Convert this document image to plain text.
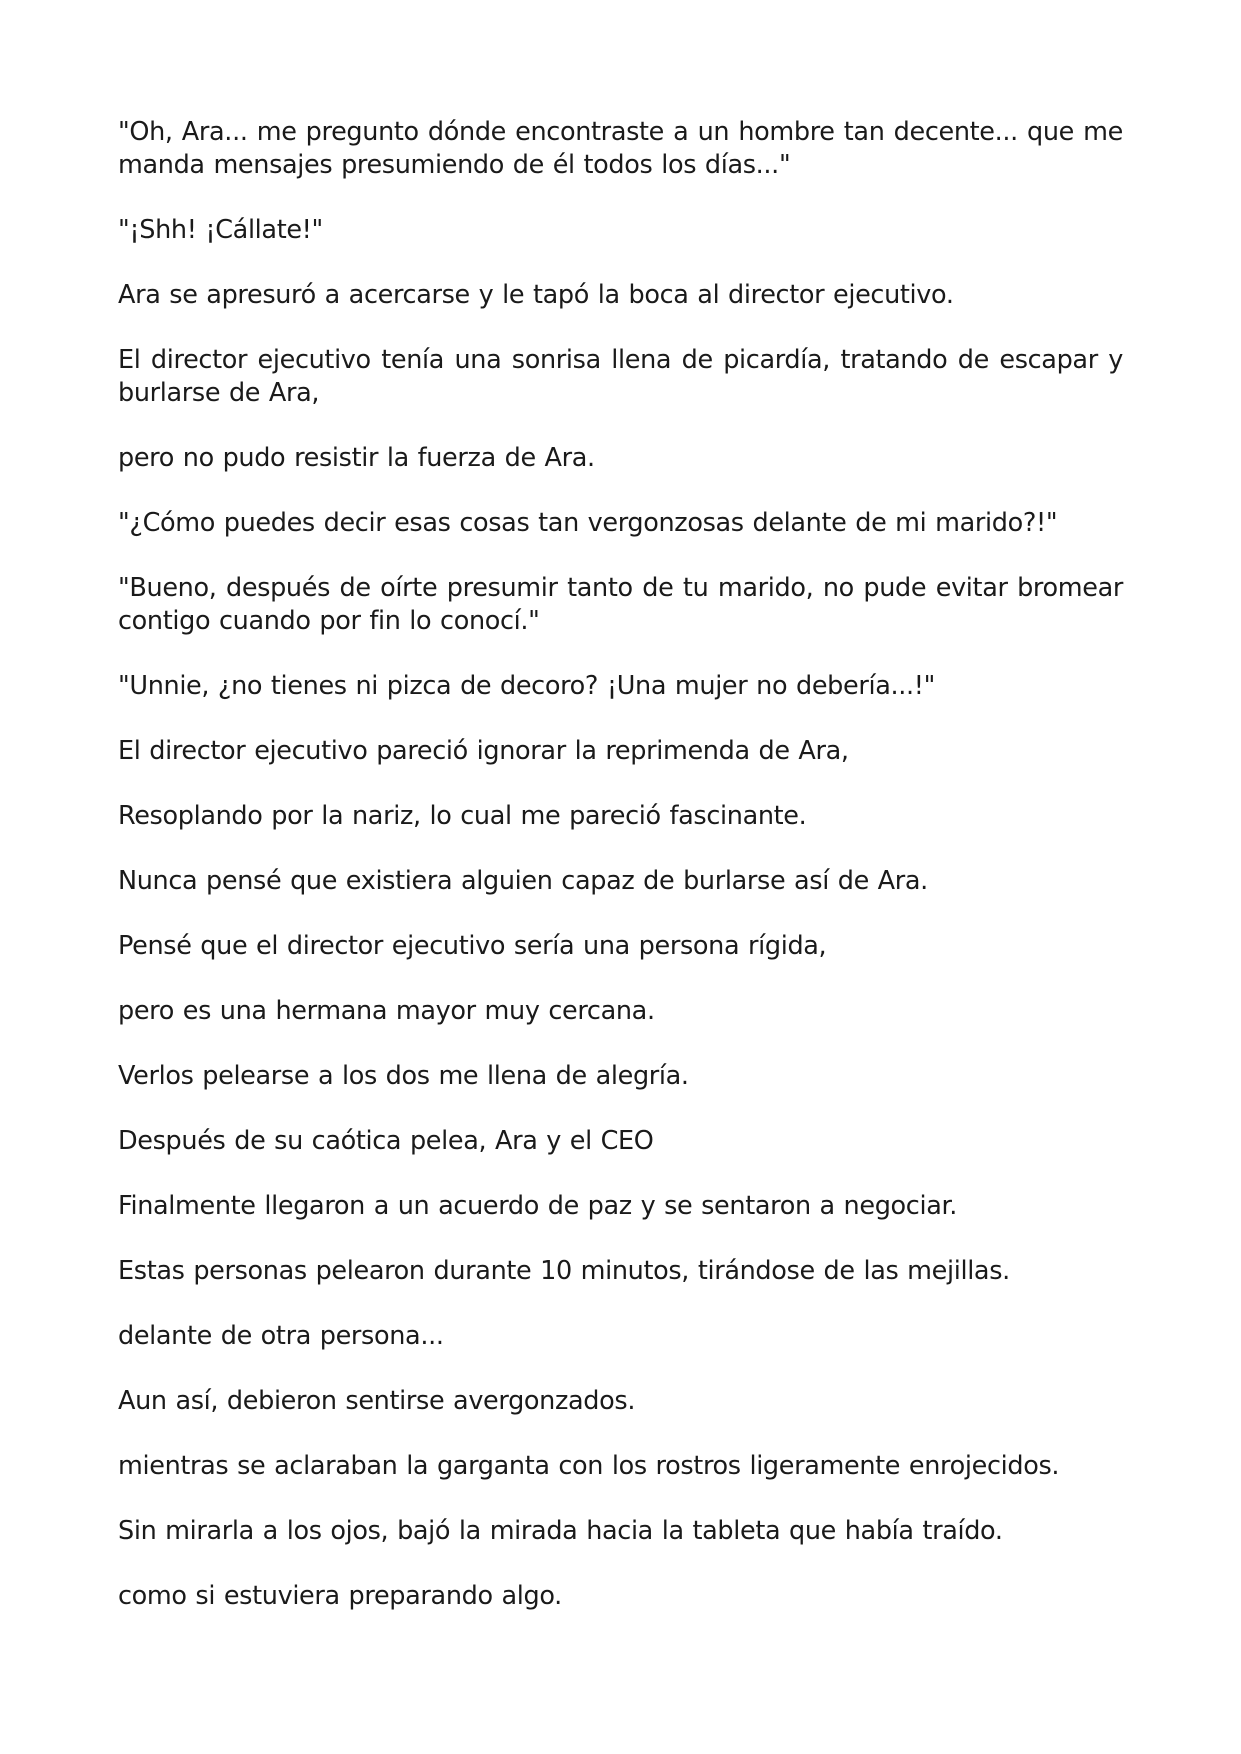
"Oh, Ara... me pregunto dónde encontraste a un hombre tan decente... que me manda mensajes presumiendo de él todos los días..."

"¡Shh! ¡Cállate!"

Ara se apresuró a acercarse y le tapó la boca al director ejecutivo.

El director ejecutivo tenía una sonrisa llena de picardía, tratando de escapar y burlarse de Ara,

pero no pudo resistir la fuerza de Ara.

"¿Cómo puedes decir esas cosas tan vergonzosas delante de mi marido?!"

"Bueno, después de oírte presumir tanto de tu marido, no pude evitar bromear contigo cuando por fin lo conocí."

"Unnie, ¿no tienes ni pizca de decoro? ¡Una mujer no debería...!"

El director ejecutivo pareció ignorar la reprimenda de Ara,

Resoplando por la nariz, lo cual me pareció fascinante.

Nunca pensé que existiera alguien capaz de burlarse así de Ara.

Pensé que el director ejecutivo sería una persona rígida,

pero es una hermana mayor muy cercana.

Verlos pelearse a los dos me llena de alegría.

Después de su caótica pelea, Ara y el CEO

Finalmente llegaron a un acuerdo de paz y se sentaron a negociar.

Estas personas pelearon durante 10 minutos, tirándose de las mejillas.

delante de otra persona...

Aun así, debieron sentirse avergonzados.

mientras se aclaraban la garganta con los rostros ligeramente enrojecidos.

Sin mirarla a los ojos, bajó la mirada hacia la tableta que había traído.

como si estuviera preparando algo.
